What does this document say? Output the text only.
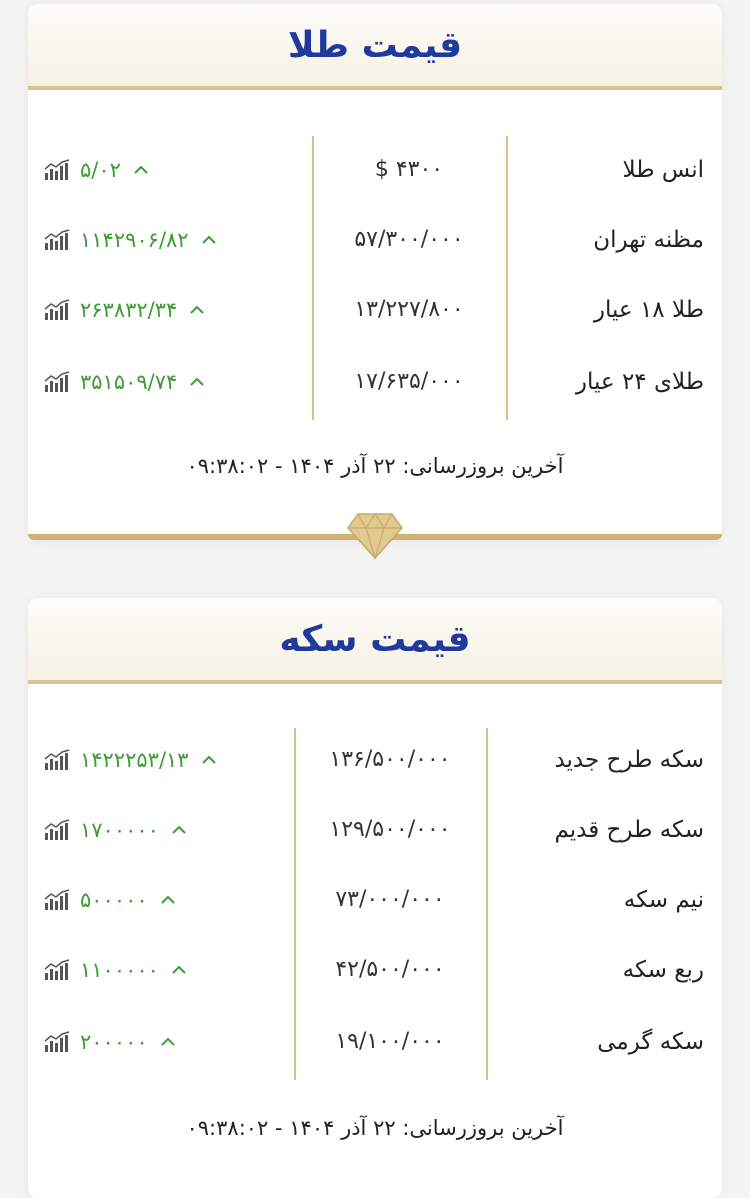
قیمت طلا
انس طلا
$ ۴۳۰۰
۵/۰۲
مظنه تهران
۵۷/۳۰۰/۰۰۰
۱۱۴۲۹۰۶/۸۲
طلا ۱۸ عیار
۱۳/۲۲۷/۸۰۰
۲۶۳۸۳۲/۳۴
طلای ۲۴ عیار
۱۷/۶۳۵/۰۰۰
۳۵۱۵۰۹/۷۴
آخرین بروزرسانی: ۲۲ آذر ۱۴۰۴ - ۰۹:۳۸:۰۲
قیمت سکه
سکه طرح جدید
۱۳۶/۵۰۰/۰۰۰
۱۴۲۲۲۵۳/۱۳
سکه طرح قدیم
۱۲۹/۵۰۰/۰۰۰
۱۷۰۰۰۰۰
نیم سکه
۷۳/۰۰۰/۰۰۰
۵۰۰۰۰۰
ربع سکه
۴۲/۵۰۰/۰۰۰
۱۱۰۰۰۰۰
سکه گرمی
۱۹/۱۰۰/۰۰۰
۲۰۰۰۰۰
آخرین بروزرسانی: ۲۲ آذر ۱۴۰۴ - ۰۹:۳۸:۰۲
